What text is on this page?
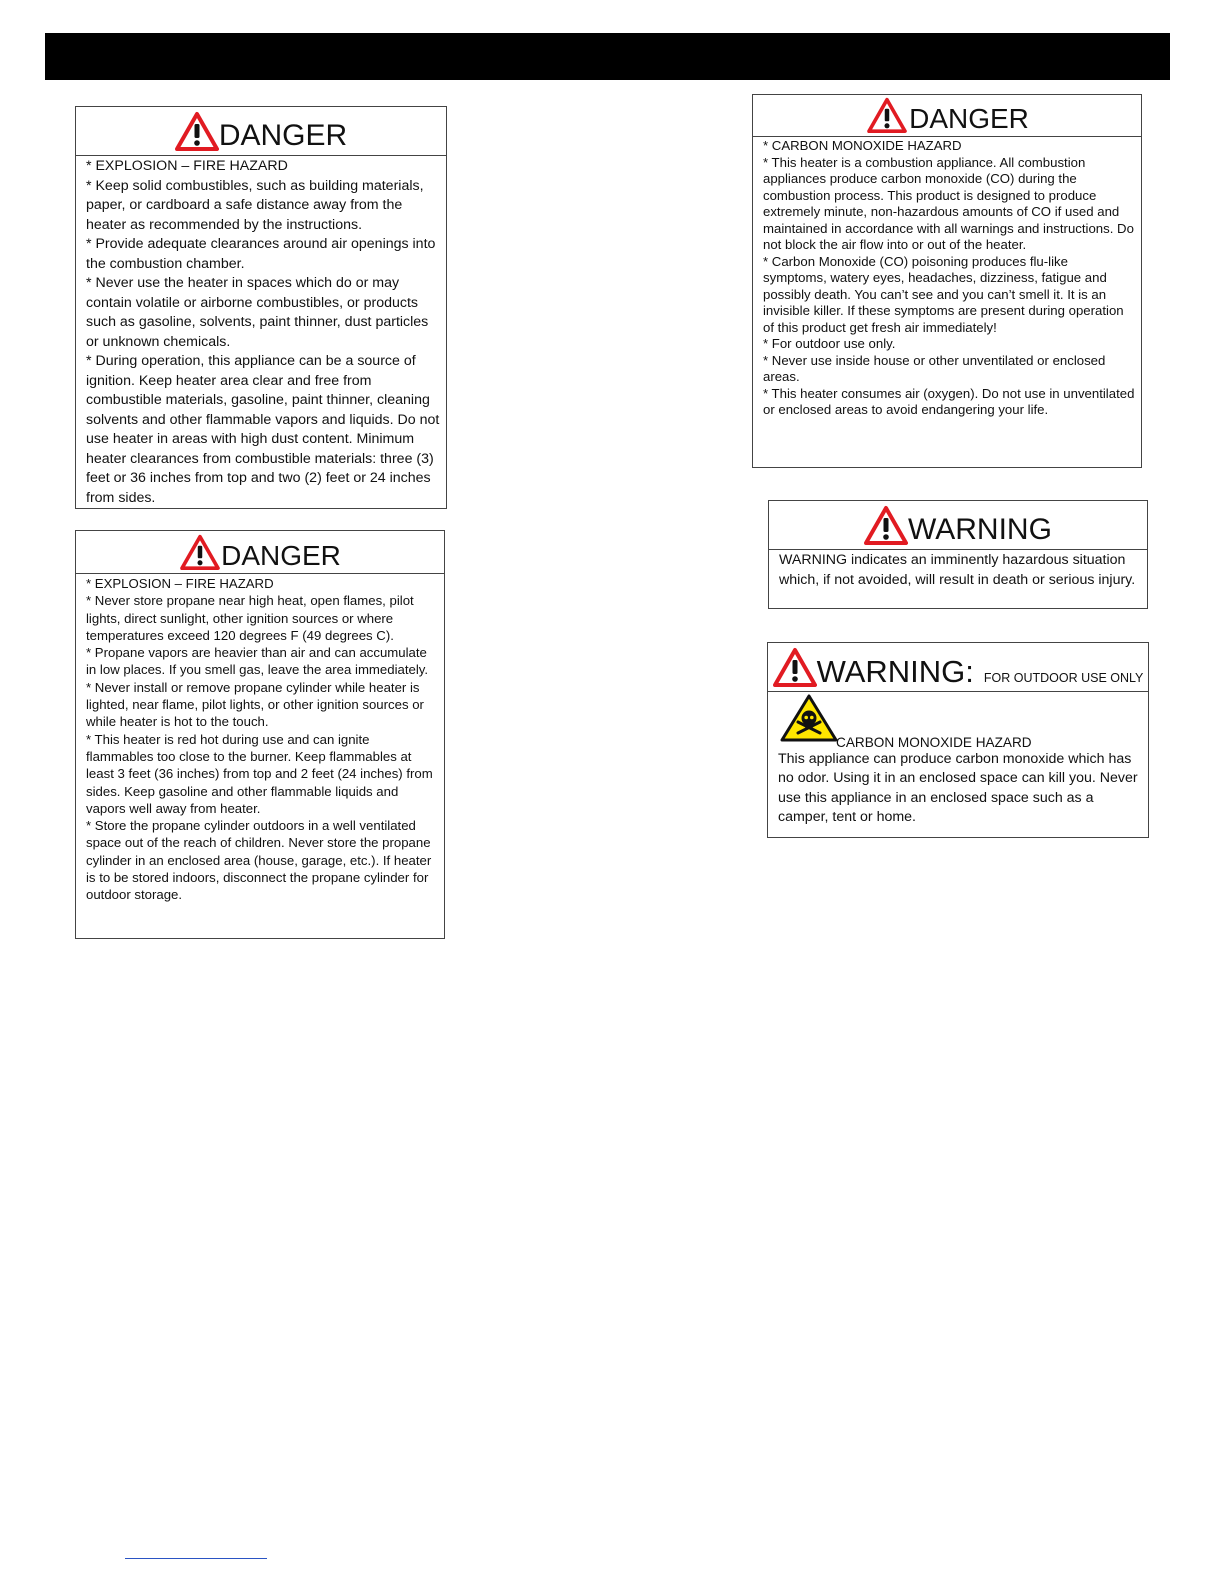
DANGER

* EXPLOSION – FIRE HAZARD

* Keep solid combustibles, such as building materials, paper, or cardboard a safe distance away from the heater as recommended by the instructions.

* Provide adequate clearances around air openings into the combustion chamber.

* Never use the heater in spaces which do or may contain volatile or airborne combustibles, or products such as gasoline, solvents, paint thinner, dust particles or unknown chemicals.

* During operation, this appliance can be a source of ignition. Keep heater area clear and free from combustible materials, gasoline, paint thinner, cleaning solvents and other flammable vapors and liquids. Do not use heater in areas with high dust content. Minimum heater clearances from combustible materials: three (3) feet or 36 inches from top and two (2) feet or 24 inches from sides.

DANGER

* EXPLOSION – FIRE HAZARD

* Never store propane near high heat, open flames, pilot lights, direct sunlight, other ignition sources or where temperatures exceed 120 degrees F (49 degrees C).

* Propane vapors are heavier than air and can accumulate in low places. If you smell gas, leave the area immediately.

* Never install or remove propane cylinder while heater is lighted, near flame, pilot lights, or other ignition sources or while heater is hot to the touch.

* This heater is red hot during use and can ignite flammables too close to the burner. Keep flammables at least 3 feet (36 inches) from top and 2 feet (24 inches) from sides. Keep gasoline and other flammable liquids and vapors well away from heater.

* Store the propane cylinder outdoors in a well ventilated space out of the reach of children. Never store the propane cylinder in an enclosed area (house, garage, etc.). If heater is to be stored indoors, disconnect the propane cylinder for outdoor storage.

DANGER

* CARBON MONOXIDE HAZARD

* This heater is a combustion appliance. All combustion appliances produce carbon monoxide (CO) during the combustion process. This product is designed to produce extremely minute, non-hazardous amounts of CO if used and maintained in accordance with all warnings and instructions. Do not block the air flow into or out of the heater.

* Carbon Monoxide (CO) poisoning produces flu-like symptoms, watery eyes, headaches, dizziness, fatigue and possibly death. You can’t see and you can’t smell it. It is an invisible killer. If these symptoms are present during operation of this product get fresh air immediately!

* For outdoor use only.

* Never use inside house or other unventilated or enclosed areas.

* This heater consumes air (oxygen). Do not use in unventilated or enclosed areas to avoid endangering your life.

WARNING

WARNING indicates an imminently hazardous situation which, if not avoided, will result in death or serious injury.

WARNING: FOR OUTDOOR USE ONLY
CARBON MONOXIDE HAZARD

This appliance can produce carbon monoxide which has no odor. Using it in an enclosed space can kill you. Never use this appliance in an enclosed space such as a camper, tent or home.
